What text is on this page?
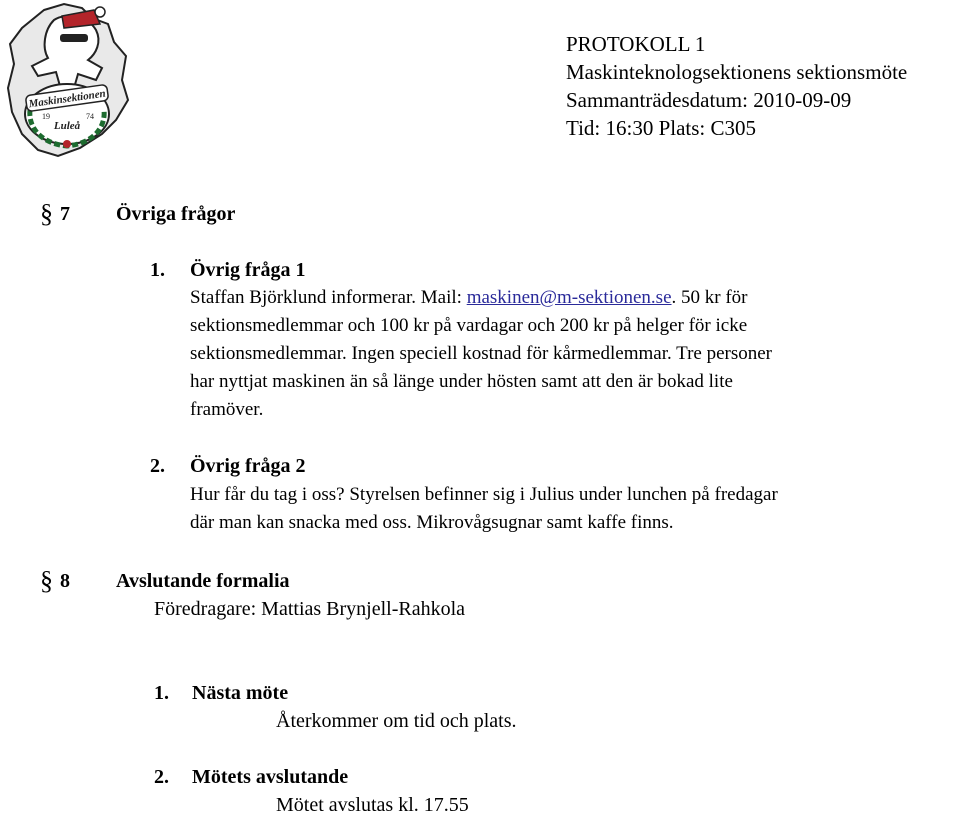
Maskinsektionen
19	74
Luleå
PROTOKOLL 1
Maskinteknologsektionens sektionsmöte
Sammanträdesdatum: 2010-09-09
Tid: 16:30 Plats: C305
§ 7 Övriga frågor
1. Övrig fråga 1
Staffan Björklund informerar. Mail: maskinen@m-sektionen.se. 50 kr för
sektionsmedlemmar och 100 kr på vardagar och 200 kr på helger för icke
sektionsmedlemmar. Ingen speciell kostnad för kårmedlemmar. Tre personer
har nyttjat maskinen än så länge under hösten samt att den är bokad lite
framöver.
2. Övrig fråga 2
Hur får du tag i oss? Styrelsen befinner sig i Julius under lunchen på fredagar
där man kan snacka med oss. Mikrovågsugnar samt kaffe finns.
§ 8 Avslutande formalia
Föredragare: Mattias Brynjell-Rahkola
1. Nästa möte
Återkommer om tid och plats.
2. Mötets avslutande
Mötet avslutas kl. 17.55
